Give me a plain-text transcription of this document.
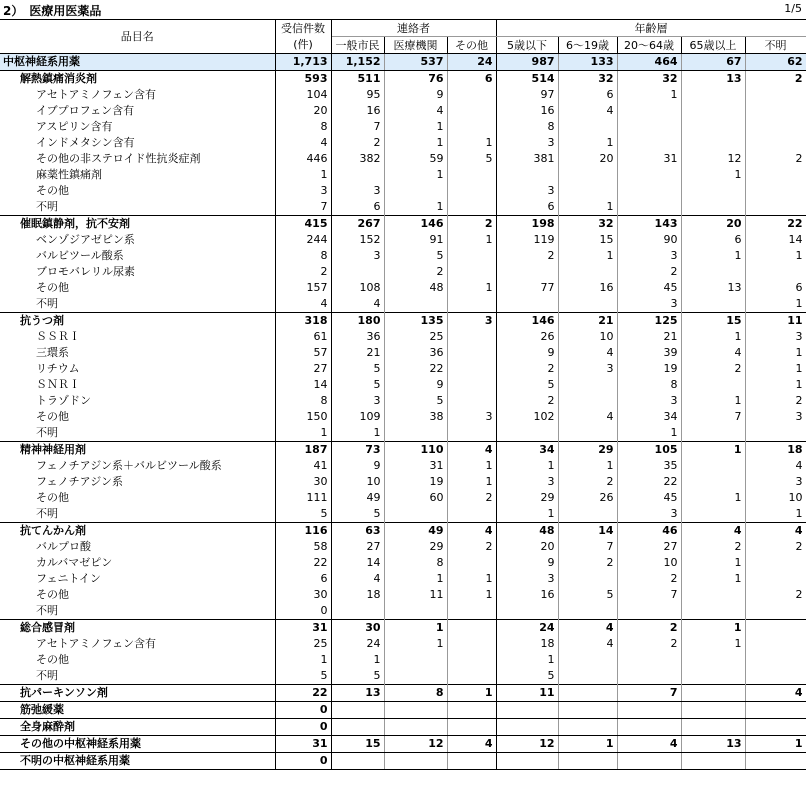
2）　医療用医薬品	1/5
品目名	受信件数	連絡者			年齢層				
	(件)	一般市民	医療機関	その他	5歳以下	6～19歳	20～64歳	65歳以上	不明
中枢神経系用薬	1,713	1,152	537	24	987	133	464	67	62
解熱鎮痛消炎剤	593	511	76	6	514	32	32	13	2
アセトアミノフェン含有	104	95	9		97	6	1		
イブプロフェン含有	20	16	4		16	4			
アスピリン含有	8	7	1		8				
インドメタシン含有	4	2	1	1	3	1			
その他の非ステロイド性抗炎症剤	446	382	59	5	381	20	31	12	2
麻薬性鎮痛剤	1		1					1	
その他	3	3			3				
不明	7	6	1		6	1			
催眠鎮静剤，抗不安剤	415	267	146	2	198	32	143	20	22
ベンゾジアゼピン系	244	152	91	1	119	15	90	6	14
バルビツール酸系	8	3	5		2	1	3	1	1
ブロモバレリル尿素	2		2				2		
その他	157	108	48	1	77	16	45	13	6
不明	4	4					3		1
抗うつ剤	318	180	135	3	146	21	125	15	11
ＳＳＲＩ	61	36	25		26	10	21	1	3
三環系	57	21	36		9	4	39	4	1
リチウム	27	5	22		2	3	19	2	1
ＳＮＲＩ	14	5	9		5		8		1
トラゾドン	8	3	5		2		3	1	2
その他	150	109	38	3	102	4	34	7	3
不明	1	1					1		
精神神経用剤	187	73	110	4	34	29	105	1	18
フェノチアジン系＋バルビツール酸系	41	9	31	1	1	1	35		4
フェノチアジン系	30	10	19	1	3	2	22		3
その他	111	49	60	2	29	26	45	1	10
不明	5	5			1		3		1
抗てんかん剤	116	63	49	4	48	14	46	4	4
バルプロ酸	58	27	29	2	20	7	27	2	2
カルバマゼピン	22	14	8		9	2	10	1	
フェニトイン	6	4	1	1	3		2	1	
その他	30	18	11	1	16	5	7		2
不明	0								
総合感冒剤	31	30	1		24	4	2	1	
アセトアミノフェン含有	25	24	1		18	4	2	1	
その他	1	1			1				
不明	5	5			5				
抗パーキンソン剤	22	13	8	1	11		7		4
筋弛緩薬	0								
全身麻酔剤	0								
その他の中枢神経系用薬	31	15	12	4	12	1	4	13	1
不明の中枢神経系用薬	0								
